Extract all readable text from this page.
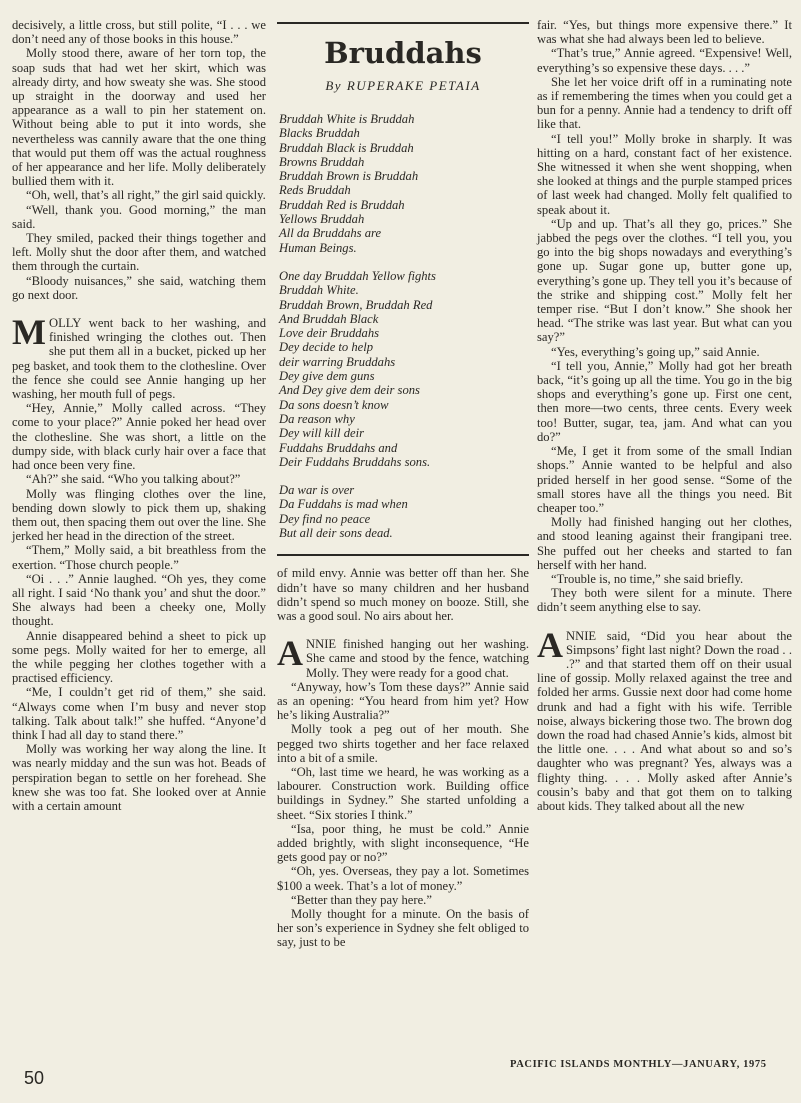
decisively, a little cross, but still polite, “I . . . we don’t need any of those books in this house.”

Molly stood there, aware of her torn top, the soap suds that had wet her skirt, which was already dirty, and how sweaty she was. She stood up straight in the doorway and used her appearance as a wall to pin her statement on. Without being able to put it into words, she nevertheless was cannily aware that the one thing that would put them off was the actual roughness of her appearance and her life. Molly deliberately bullied them with it.

“Oh, well, that’s all right,” the girl said quickly.

“Well, thank you. Good morning,” the man said.

They smiled, packed their things together and left. Molly shut the door after them, and watched them through the curtain.

“Bloody nuisances,” she said, watching them go next door.

MOLLY went back to her washing, and finished wringing the clothes out. Then she put them all in a bucket, picked up her peg basket, and took them to the clothesline. Over the fence she could see Annie hanging up her washing, her mouth full of pegs.

“Hey, Annie,” Molly called across. “They come to your place?” Annie poked her head over the clothesline. She was short, a little on the dumpy side, with black curly hair over a face that had once been very fine.

“Ah?” she said. “Who you talking about?”

Molly was flinging clothes over the line, bending down slowly to pick them up, shaking them out, then spacing them out over the line. She jerked her head in the direction of the street.

“Them,” Molly said, a bit breathless from the exertion. “Those church people.”

“Oi . . .” Annie laughed. “Oh yes, they come all right. I said ‘No thank you’ and shut the door.” She always had been a cheeky one, Molly thought.

Annie disappeared behind a sheet to pick up some pegs. Molly waited for her to emerge, all the while pegging her clothes together with a practised efficiency.

“Me, I couldn’t get rid of them,” she said. “Always come when I’m busy and never stop talking. Talk about talk!” she huffed. “Anyone’d think I had all day to stand there.”

Molly was working her way along the line. It was nearly midday and the sun was hot. Beads of perspiration began to settle on her forehead. She knew she was too fat. She looked over at Annie with a certain amount

Bruddahs
By RUPERAKE PETAIA
Bruddah White is Bruddah
Blacks Bruddah
Bruddah Black is Bruddah
Browns Bruddah
Bruddah Brown is Bruddah
Reds Bruddah
Bruddah Red is Bruddah
Yellows Bruddah
All da Bruddahs are
Human Beings.
One day Bruddah Yellow fights
Bruddah White.
Bruddah Brown, Bruddah Red
And Bruddah Black
Love deir Bruddahs
Dey decide to help
deir warring Bruddahs
Dey give dem guns
And Dey give dem deir sons
Da sons doesn’t know
Da reason why
Dey will kill deir
Fuddahs Bruddahs and
Deir Fuddahs Bruddahs sons.
Da war is over
Da Fuddahs is mad when
Dey find no peace
But all deir sons dead.

of mild envy. Annie was better off than her. She didn’t have so many children and her husband didn’t spend so much money on booze. Still, she was a good soul. No airs about her.

ANNIE finished hanging out her washing. She came and stood by the fence, watching Molly. They were ready for a good chat.

“Anyway, how’s Tom these days?” Annie said as an opening: “You heard from him yet? How he’s liking Australia?”

Molly took a peg out of her mouth. She pegged two shirts together and her face relaxed into a bit of a smile.

“Oh, last time we heard, he was working as a labourer. Construction work. Building office buildings in Sydney.” She started unfolding a sheet. “Six stories I think.”

“Isa, poor thing, he must be cold.” Annie added brightly, with slight inconsequence, “He gets good pay or no?”

“Oh, yes. Overseas, they pay a lot. Sometimes $100 a week. That’s a lot of money.”

“Better than they pay here.”

Molly thought for a minute. On the basis of her son’s experience in Sydney she felt obliged to say, just to be

fair. “Yes, but things more expensive there.” It was what she had always been led to believe.

“That’s true,” Annie agreed. “Expensive! Well, everything’s so expensive these days. . . .”

She let her voice drift off in a ruminating note as if remembering the times when you could get a bun for a penny. Annie had a tendency to drift off like that.

“I tell you!” Molly broke in sharply. It was hitting on a hard, constant fact of her existence. She witnessed it when she went shopping, when she looked at things and the purple stamped prices of last week had changed. Molly felt qualified to speak about it.

“Up and up. That’s all they go, prices.” She jabbed the pegs over the clothes. “I tell you, you go into the big shops nowadays and everything’s gone up. Sugar gone up, butter gone up, everything’s gone up. They tell you it’s because of the strike and shipping cost.” Molly felt her temper rise. “But I don’t know.” She shook her head. “The strike was last year. But what can you say?”

“Yes, everything’s going up,” said Annie.

“I tell you, Annie,” Molly had got her breath back, “it’s going up all the time. You go in the big shops and everything’s gone up. First one cent, then more—two cents, three cents. Every week too! Butter, sugar, tea, jam. And what can you do?”

“Me, I get it from some of the small Indian shops.” Annie wanted to be helpful and also prided herself in her good sense. “Some of the small stores have all the things you need. Bit cheaper too.”

Molly had finished hanging out her clothes, and stood leaning against their frangipani tree. She puffed out her cheeks and started to fan herself with her hand.

“Trouble is, no time,” she said briefly.

They both were silent for a minute. There didn’t seem anything else to say.

ANNIE said, “Did you hear about the Simpsons’ fight last night? Down the road . . .?” and that started them off on their usual line of gossip. Molly relaxed against the tree and folded her arms. Gussie next door had come home drunk and had a fight with his wife. Terrible noise, always bickering those two. The brown dog down the road had chased Annie’s kids, almost bit the little one. . . . And what about so and so’s daughter who was pregnant? Yes, always was a flighty thing. . . . Molly asked after Annie’s cousin’s baby and that got them on to talking about kids. They talked about all the new

50
PACIFIC ISLANDS MONTHLY—JANUARY, 1975
